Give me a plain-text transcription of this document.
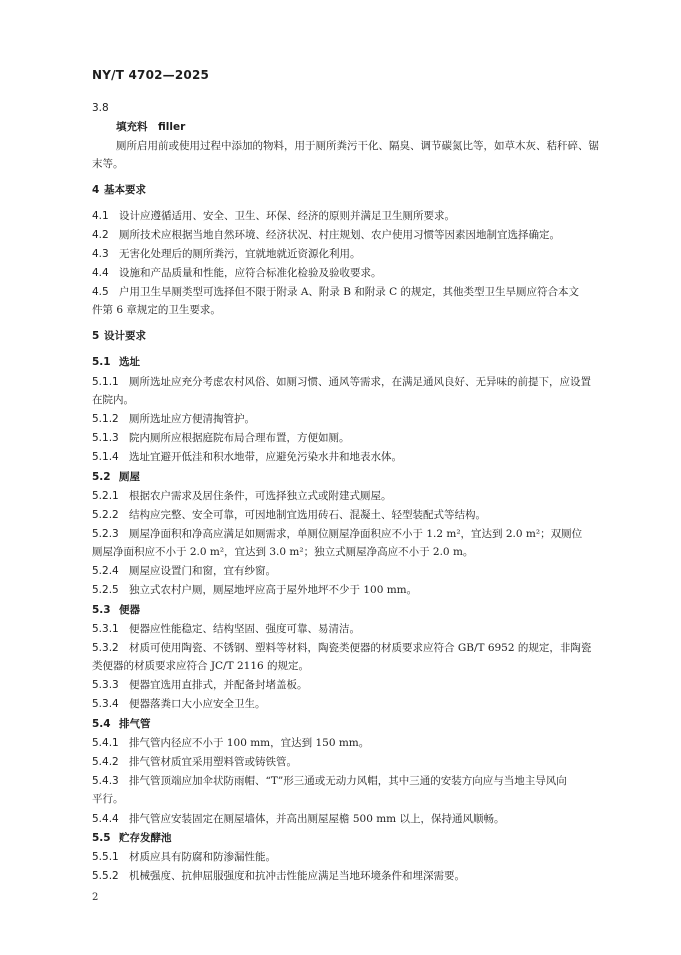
NY/T 4702—2025
3.8
填充料　filler
厕所启用前或使用过程中添加的物料，用于厕所粪污干化、隔臭、调节碳氮比等，如草木灰、秸秆碎、锯
末等。
4 基本要求
4.1 设计应遵循适用、安全、卫生、环保、经济的原则并满足卫生厕所要求。
4.2 厕所技术应根据当地自然环境、经济状况、村庄规划、农户使用习惯等因素因地制宜选择确定。
4.3 无害化处理后的厕所粪污，宜就地就近资源化利用。
4.4 设施和产品质量和性能，应符合标准化检验及验收要求。
4.5 户用卫生旱厕类型可选择但不限于附录 A、附录 B 和附录 C 的规定，其他类型卫生旱厕应符合本文
件第 6 章规定的卫生要求。
5 设计要求
5.1 选址
5.1.1 厕所选址应充分考虑农村风俗、如厕习惯、通风等需求，在满足通风良好、无异味的前提下，应设置
在院内。
5.1.2 厕所选址应方便清掏管护。
5.1.3 院内厕所应根据庭院布局合理布置，方便如厕。
5.1.4 选址宜避开低洼和积水地带，应避免污染水井和地表水体。
5.2 厕屋
5.2.1 根据农户需求及居住条件，可选择独立式或附建式厕屋。
5.2.2 结构应完整、安全可靠，可因地制宜选用砖石、混凝土、轻型装配式等结构。
5.2.3 厕屋净面积和净高应满足如厕需求，单厕位厕屋净面积应不小于 1.2 m²，宜达到 2.0 m²；双厕位
厕屋净面积应不小于 2.0 m²，宜达到 3.0 m²；独立式厕屋净高应不小于 2.0 m。
5.2.4 厕屋应设置门和窗，宜有纱窗。
5.2.5 独立式农村户厕，厕屋地坪应高于屋外地坪不少于 100 mm。
5.3 便器
5.3.1 便器应性能稳定、结构坚固、强度可靠、易清洁。
5.3.2 材质可使用陶瓷、不锈钢、塑料等材料，陶瓷类便器的材质要求应符合 GB/T 6952 的规定，非陶瓷
类便器的材质要求应符合 JC/T 2116 的规定。
5.3.3 便器宜选用直排式，并配备封堵盖板。
5.3.4 便器落粪口大小应安全卫生。
5.4 排气管
5.4.1 排气管内径应不小于 100 mm，宜达到 150 mm。
5.4.2 排气管材质宜采用塑料管或铸铁管。
5.4.3 排气管顶端应加伞状防雨帽、“T”形三通或无动力风帽，其中三通的安装方向应与当地主导风向
平行。
5.4.4 排气管应安装固定在厕屋墙体，并高出厕屋屋檐 500 mm 以上，保持通风顺畅。
5.5 贮存发酵池
5.5.1 材质应具有防腐和防渗漏性能。
5.5.2 机械强度、抗伸屈服强度和抗冲击性能应满足当地环境条件和埋深需要。
2
